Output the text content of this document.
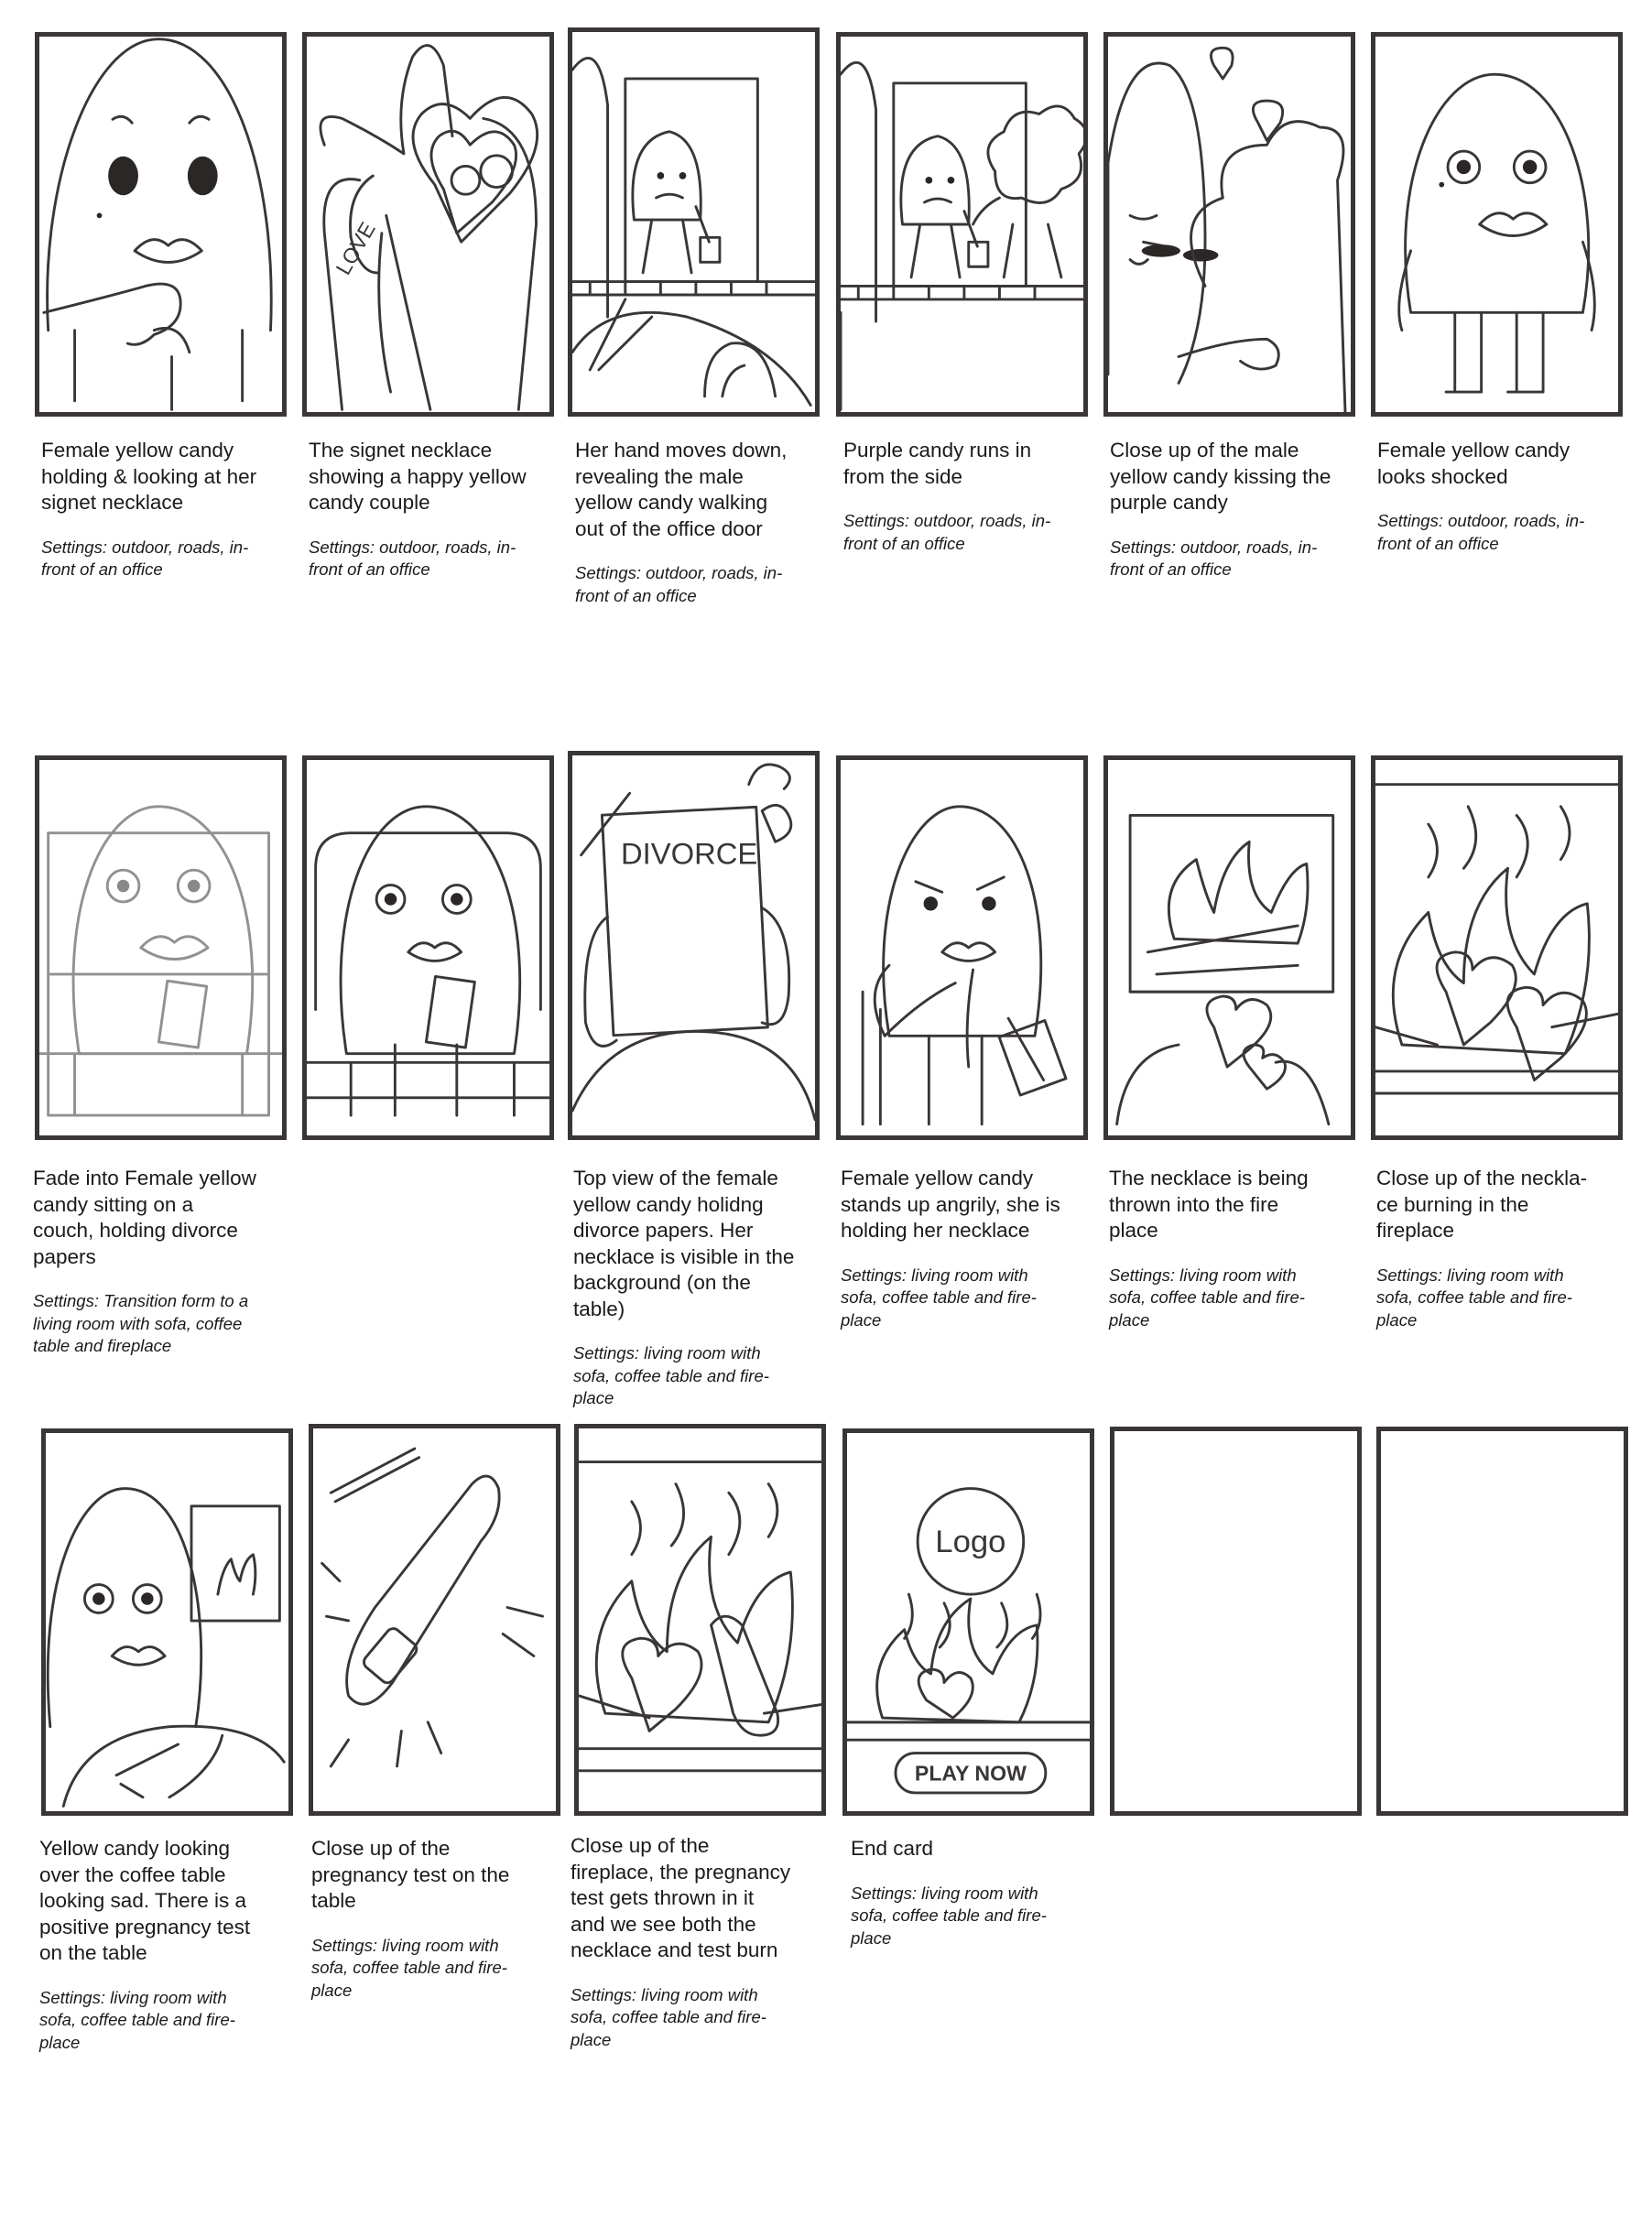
Female yellow candy
holding & looking at her
signet necklace

Settings: outdoor, roads, in-
front of an office

LOVE

The signet necklace
showing a happy yellow
candy couple

Settings: outdoor, roads, in-
front of an office

Her hand moves down,
revealing the male
yellow candy walking
out of the office door

Settings: outdoor, roads, in-
front of an office

Purple candy runs in
from the side

Settings: outdoor, roads, in-
front of an office

Close up of the male
yellow candy kissing the
purple candy

Settings: outdoor, roads, in-
front of an office

Female yellow candy
looks shocked

Settings: outdoor, roads, in-
front of an office

Fade into Female yellow
candy sitting on a
couch, holding divorce
papers

Settings: Transition form to a
living room with sofa, coffee
table and fireplace

DIVORCE

Top view of the female
yellow candy holidng
divorce papers. Her
necklace is visible in the
background (on the
table)

Settings: living room with
sofa, coffee table and fire-
place

Female yellow candy
stands up angrily, she is
holding her necklace

Settings: living room with
sofa, coffee table and fire-
place

The necklace is being
thrown into the fire
place

Settings: living room with
sofa, coffee table and fire-
place

Close up of the neckla-
ce burning in the
fireplace

Settings: living room with
sofa, coffee table and fire-
place

Yellow candy looking
over the coffee table
looking sad. There is a
positive pregnancy test
on the table

Settings: living room with
sofa, coffee table and fire-
place

Close up of the
pregnancy test on the
table

Settings: living room with
sofa, coffee table and fire-
place

Close up of the
fireplace, the pregnancy
test gets thrown in it
and we see both the
necklace and test burn

Settings: living room with
sofa, coffee table and fire-
place

Logo
PLAY NOW

End card

Settings: living room with
sofa, coffee table and fire-
place
